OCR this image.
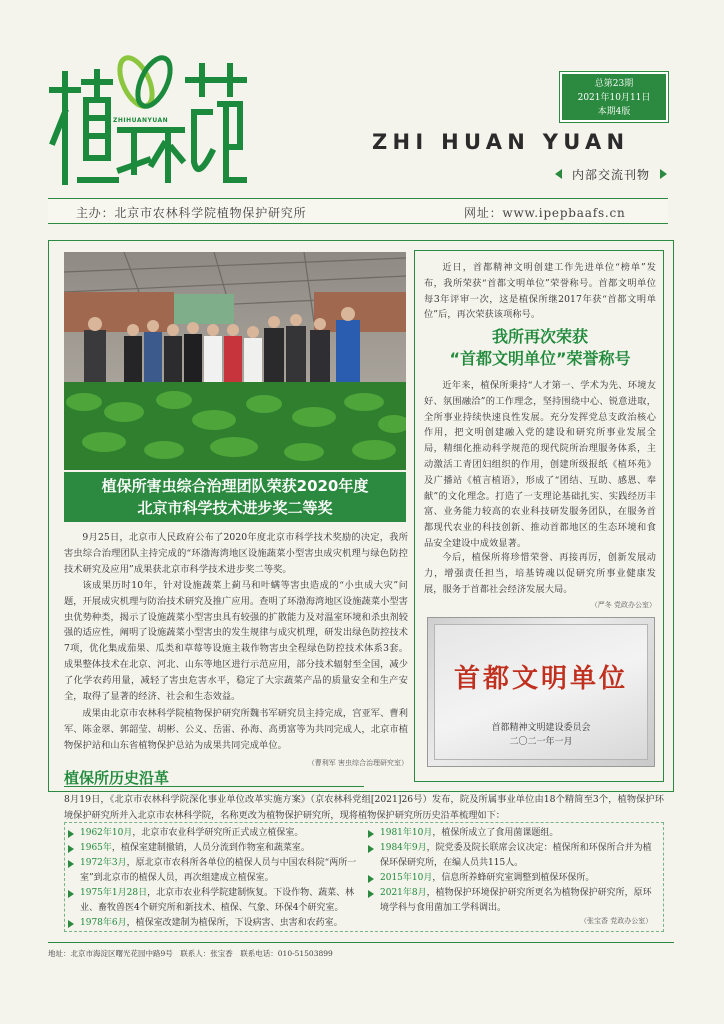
ZHIHUANYUAN
总第23期
2021年10月11日
本期4版
ZHI HUAN YUAN
内部交流刊物
主办：北京市农林科学院植物保护研究所	网址：www.ipepbaafs.cn
植保所害虫综合治理团队荣获2020年度
北京市科学技术进步奖二等奖

9月25日，北京市人民政府公布了2020年度北京市科学技术奖励的决定，我所害虫综合治理团队主持完成的“环渤海湾地区设施蔬菜小型害虫成灾机理与绿色防控技术研究及应用”成果获北京市科学技术进步奖二等奖。

该成果历时10年，针对设施蔬菜上蓟马和叶螨等害虫造成的“小虫成大灾”问题，开展成灾机理与防治技术研究及推广应用。查明了环渤海湾地区设施蔬菜小型害虫优势种类，揭示了设施蔬菜小型害虫具有较强的扩散能力及对温室环境和杀虫剂较强的适应性，阐明了设施蔬菜小型害虫的发生规律与成灾机理，研发出绿色防控技术7项，优化集成茄果、瓜类和草莓等设施主栽作物害虫全程绿色防控技术体系3套。成果整体技术在北京、河北、山东等地区进行示范应用，部分技术辐射至全国，减少了化学农药用量，减轻了害虫危害水平，稳定了大宗蔬菜产品的质量安全和生产安全，取得了显著的经济、社会和生态效益。

成果由北京市农林科学院植物保护研究所魏书军研究员主持完成，宫亚军、曹利军、陈金翠、郭韶莹、胡彬、公义、岳雷、孙海、高勇富等为共同完成人，北京市植物保护站和山东省植物保护总站为成果共同完成单位。

（曹利军 害虫综合治理研究室）

近日，首都精神文明创建工作先进单位“榜单”发布，我所荣获“首都文明单位”荣誉称号。首都文明单位每3年评审一次，这是植保所继2017年获“首都文明单位”后，再次荣获该项称号。

我所再次荣获
“首都文明单位”荣誉称号

近年来，植保所秉持“人才第一、学术为先、环境友好、氛围融洽”的工作理念，坚持围绕中心、锐意进取，全所事业持续快速良性发展。充分发挥党总支政治核心作用，把文明创建融入党的建设和研究所事业发展全局，精细化推动科学规范的现代院所治理服务体系，主动激活工青团妇组织的作用，创建所级报纸《植环苑》及广播站《植言植语》，形成了“团结、互助、感恩、奉献”的文化理念。打造了一支理论基础扎实、实践经历丰富、业务能力较高的农业科技研发服务团队，在服务首都现代农业的科技创新、推动首都地区的生态环境和食品安全建设中成效显著。

今后，植保所将珍惜荣誉、再接再厉，创新发展动力，增强责任担当，培基铸魂以促研究所事业健康发展，服务于首都社会经济发展大局。

（严冬 党政办公室）
首都文明单位
首都精神文明建设委员会
二〇二一年一月
植保所历史沿革

8月19日，《北京市农林科学院深化事业单位改革实施方案》（京农林科党组[2021]26号）发布，院及所属事业单位由18个精简至3个，植物保护环境保护研究所并入北京市农林科学院，名称更改为植物保护研究所，现将植物保护研究所历史沿革梳理如下：

1962年10月，北京市农业科学研究所正式成立植保室。
1965年，植保室建制撤销，人员分流到作物室和蔬菜室。
1972年3月，原北京市农科所各单位的植保人员与中国农科院“两所一室”到北京市的植保人员，再次组建成立植保室。
1975年1月28日，北京市农业科学院建制恢复。下设作物、蔬菜、林业、畜牧兽医4个研究所和新技术、植保、气象、环保4个研究室。
1978年6月，植保室改建制为植保所，下设病害、虫害和农药室。
1981年10月，植保所成立了食用菌课题组。
1984年9月，院党委及院长联席会议决定：植保所和环保所合并为植保环保研究所，在编人员共115人。
2015年10月，信息所养蜂研究室调整到植保环保所。
2021年8月，植物保护环境保护研究所更名为植物保护研究所，原环境学科与食用菌加工学科调出。
（张宝香 党政办公室）
地址：北京市海淀区曙光花园中路9号　联系人：张宝香　联系电话：010-51503899
